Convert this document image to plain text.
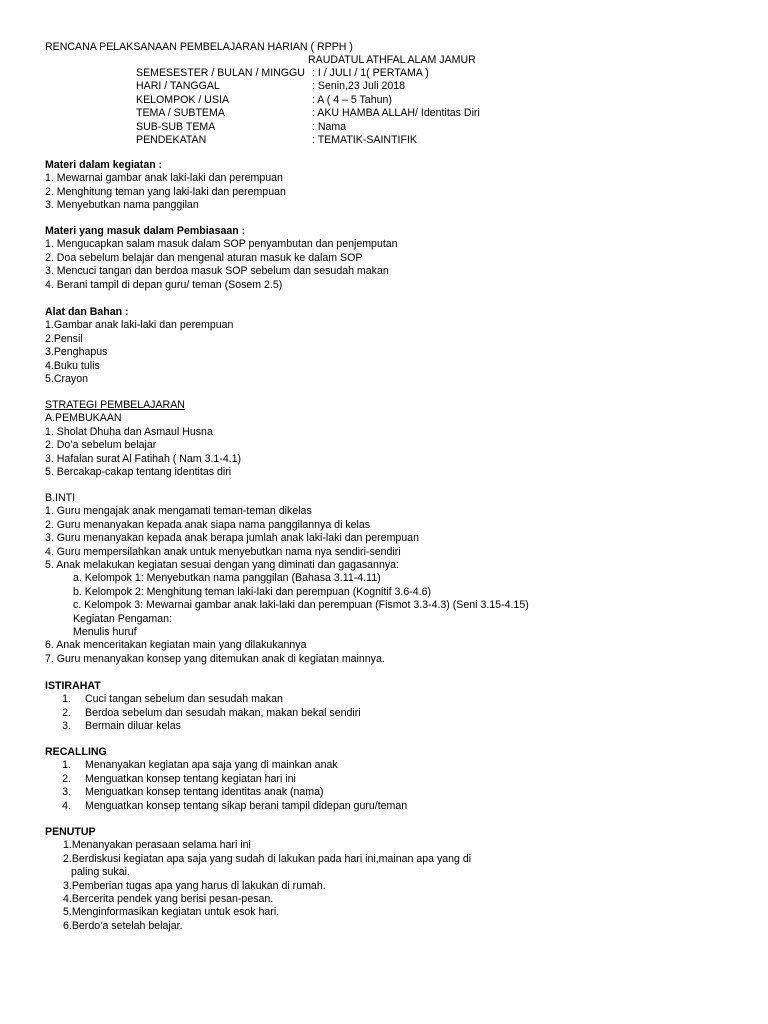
RENCANA PELAKSANAAN PEMBELAJARAN HARIAN ( RPPH )
RAUDATUL ATHFAL ALAM JAMUR
SEMESESTER / BULAN / MINGGU : I / JULI / 1( PERTAMA )
HARI / TANGGAL	: Senin,23 Juli 2018
KELOMPOK / USIA	: A ( 4 – 5 Tahun)
TEMA / SUBTEMA	: AKU HAMBA ALLAH/ Identitas Diri
SUB-SUB TEMA	: Nama
PENDEKATAN	: TEMATIK-SAINTIFIK
Materi dalam kegiatan :
1. Mewarnai gambar anak laki-laki dan perempuan
2. Menghitung teman yang laki-laki dan perempuan
3. Menyebutkan nama panggilan
Materi yang masuk dalam Pembiasaan :
1. Mengucapkan salam masuk dalam SOP penyambutan dan penjemputan
2. Doa sebelum belajar dan mengenal aturan masuk ke dalam SOP
3. Mencuci tangan dan berdoa masuk SOP sebelum dan sesudah makan
4. Berani tampil di depan guru/ teman (Sosem 2.5)
Alat dan Bahan :
1.Gambar anak laki-laki dan perempuan
2.Pensil
3.Penghapus
4.Buku tulis
5.Crayon
STRATEGI PEMBELAJARAN
A.PEMBUKAAN
1. Sholat Dhuha dan Asmaul Husna
2. Do’a sebelum belajar
3. Hafalan surat Al Fatihah ( Nam 3.1-4.1)
5. Bercakap-cakap tentang identitas diri
B.INTI
1. Guru mengajak anak mengamati teman-teman dikelas
2. Guru menanyakan kepada anak siapa nama panggilannya di kelas
3. Guru menanyakan kepada anak berapa jumlah anak laki-laki dan perempuan
4. Guru mempersilahkan anak untuk menyebutkan nama nya sendiri-sendiri
5. Anak melakukan kegiatan sesuai dengan yang diminati dan gagasannya:
a. Kelompok 1: Menyebutkan nama panggilan (Bahasa 3.11-4.11)
b. Kelompok 2: Menghitung teman laki-laki dan perempuan (Kognitif 3.6-4.6)
c. Kelompok 3: Mewarnai gambar anak laki-laki dan perempuan (Fismot 3.3-4.3) (Seni 3.15-4.15)
Kegiatan Pengaman:
Menulis huruf
6. Anak menceritakan kegiatan main yang dilakukannya
7. Guru menanyakan konsep yang ditemukan anak di kegiatan mainnya.
ISTIRAHAT
1.	Cuci tangan sebelum dan sesudah makan
2.	Berdoa sebelum dan sesudah makan, makan bekal sendiri
3.	Bermain diluar kelas
RECALLING
1.	Menanyakan kegiatan apa saja yang di mainkan anak
2.	Menguatkan konsep tentang kegiatan hari ini
3.	Menguatkan konsep tentang identitas anak (nama)
4.	Menguatkan konsep tentang sikap berani tampil didepan guru/teman
PENUTUP
1.Menanyakan perasaan selama hari ini
2.Berdiskusi kegiatan apa saja yang sudah di lakukan pada hari ini,mainan apa yang di
paling sukai.
3.Pemberian tugas apa yang harus di lakukan di rumah.
4.Bercerita pendek yang berisi pesan-pesan.
5.Menginformasikan kegiatan untuk esok hari.
6.Berdo’a setelah belajar.
